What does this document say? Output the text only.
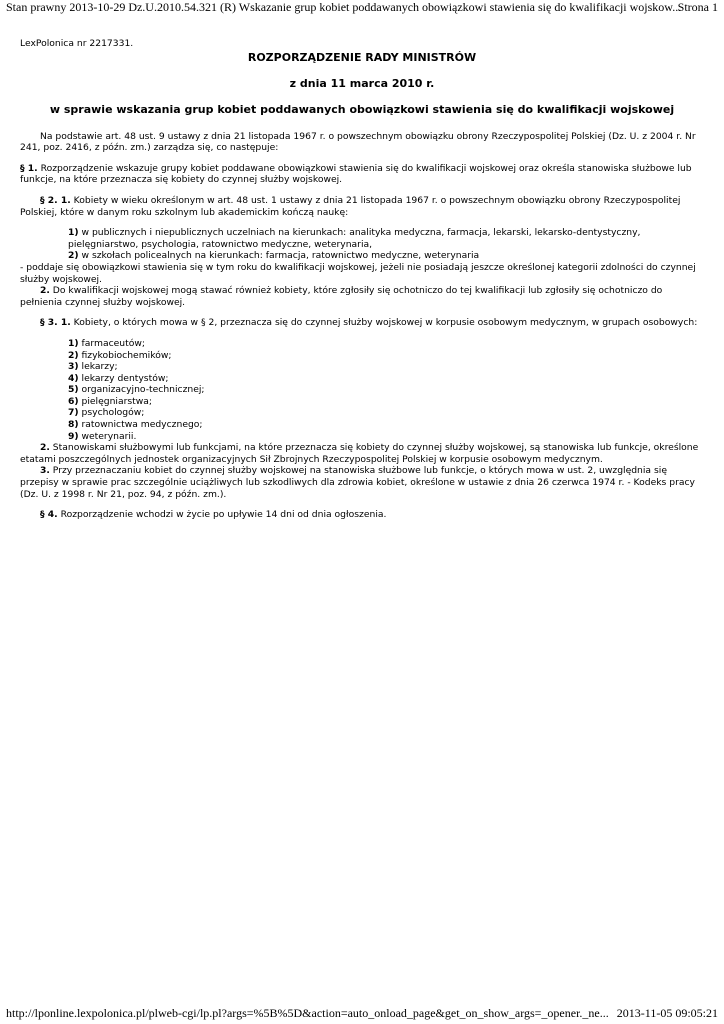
Stan prawny 2013-10-29 Dz.U.2010.54.321 (R) Wskazanie grup kobiet poddawanych obowiązkowi stawienia się do kwalifikacji wojskow...
Strona 1

LexPolonica nr 2217331.

ROZPORZĄDZENIE RADY MINISTRÓW

z dnia 11 marca 2010 r.

w sprawie wskazania grup kobiet poddawanych obowiązkowi stawienia się do kwalifikacji wojskowej

Na podstawie art. 48 ust. 9 ustawy z dnia 21 listopada 1967 r. o powszechnym obowiązku obrony Rzeczypospolitej Polskiej (Dz. U. z 2004 r. Nr 241, poz. 2416, z późn. zm.) zarządza się, co następuje:

§ 1. Rozporządzenie wskazuje grupy kobiet poddawane obowiązkowi stawienia się do kwalifikacji wojskowej oraz określa stanowiska służbowe lub funkcje, na które przeznacza się kobiety do czynnej służby wojskowej.

§ 2. 1. Kobiety w wieku określonym w art. 48 ust. 1 ustawy z dnia 21 listopada 1967 r. o powszechnym obowiązku obrony Rzeczypospolitej Polskiej, które w danym roku szkolnym lub akademickim kończą naukę:

1) w publicznych i niepublicznych uczelniach na kierunkach: analityka medyczna, farmacja, lekarski, lekarsko-dentystyczny, pielęgniarstwo, psychologia, ratownictwo medyczne, weterynaria,

2) w szkołach policealnych na kierunkach: farmacja, ratownictwo medyczne, weterynaria

- poddaje się obowiązkowi stawienia się w tym roku do kwalifikacji wojskowej, jeżeli nie posiadają jeszcze określonej kategorii zdolności do czynnej służby wojskowej.

2. Do kwalifikacji wojskowej mogą stawać również kobiety, które zgłosiły się ochotniczo do tej kwalifikacji lub zgłosiły się ochotniczo do pełnienia czynnej służby wojskowej.

§ 3. 1. Kobiety, o których mowa w § 2, przeznacza się do czynnej służby wojskowej w korpusie osobowym medycznym, w grupach osobowych:

1) farmaceutów;

2) fizykobiochemików;

3) lekarzy;

4) lekarzy dentystów;

5) organizacyjno-technicznej;

6) pielęgniarstwa;

7) psychologów;

8) ratownictwa medycznego;

9) weterynarii.

2. Stanowiskami służbowymi lub funkcjami, na które przeznacza się kobiety do czynnej służby wojskowej, są stanowiska lub funkcje, określone etatami poszczególnych jednostek organizacyjnych Sił Zbrojnych Rzeczypospolitej Polskiej w korpusie osobowym medycznym.

3. Przy przeznaczaniu kobiet do czynnej służby wojskowej na stanowiska służbowe lub funkcje, o których mowa w ust. 2, uwzględnia się przepisy w sprawie prac szczególnie uciążliwych lub szkodliwych dla zdrowia kobiet, określone w ustawie z dnia 26 czerwca 1974 r. - Kodeks pracy (Dz. U. z 1998 r. Nr 21, poz. 94, z późn. zm.).

§ 4. Rozporządzenie wchodzi w życie po upływie 14 dni od dnia ogłoszenia.

http://lponline.lexpolonica.pl/plweb-cgi/lp.pl?args=%5B%5D&action=auto_onload_page&get_on_show_args=_opener._ne... 2013-11-05 09:05:21
